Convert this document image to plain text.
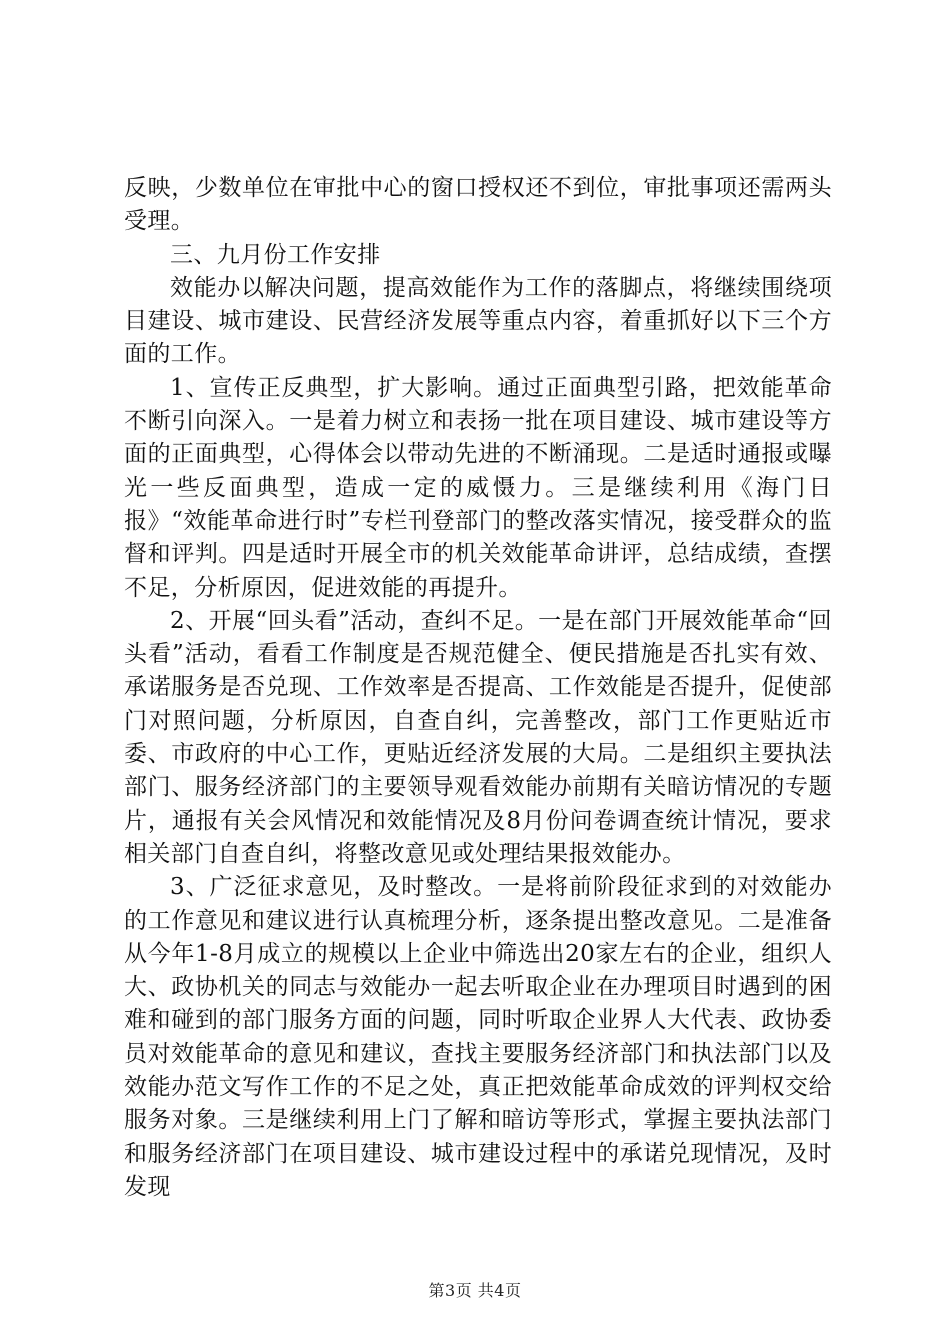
反映，少数单位在审批中心的窗口授权还不到位，审批事项还需两头受理。

三、九月份工作安排

效能办以解决问题，提高效能作为工作的落脚点，将继续围绕项目建设、城市建设、民营经济发展等重点内容，着重抓好以下三个方面的工作。

1、宣传正反典型，扩大影响。通过正面典型引路，把效能革命不断引向深入。一是着力树立和表扬一批在项目建设、城市建设等方面的正面典型，心得体会以带动先进的不断涌现。二是适时通报或曝光一些反面典型，造成一定的威慑力。三是继续利用《海门日报》“效能革命进行时”专栏刊登部门的整改落实情况，接受群众的监督和评判。四是适时开展全市的机关效能革命讲评，总结成绩，查摆不足，分析原因，促进效能的再提升。

2、开展“回头看”活动，查纠不足。一是在部门开展效能革命“回头看”活动，看看工作制度是否规范健全、便民措施是否扎实有效、承诺服务是否兑现、工作效率是否提高、工作效能是否提升，促使部门对照问题，分析原因，自查自纠，完善整改，部门工作更贴近市委、市政府的中心工作，更贴近经济发展的大局。二是组织主要执法部门、服务经济部门的主要领导观看效能办前期有关暗访情况的专题片，通报有关会风情况和效能情况及8月份问卷调查统计情况，要求相关部门自查自纠，将整改意见或处理结果报效能办。

3、广泛征求意见，及时整改。一是将前阶段征求到的对效能办的工作意见和建议进行认真梳理分析，逐条提出整改意见。二是准备从今年1-8月成立的规模以上企业中筛选出20家左右的企业，组织人大、政协机关的同志与效能办一起去听取企业在办理项目时遇到的困难和碰到的部门服务方面的问题，同时听取企业界人大代表、政协委员对效能革命的意见和建议，查找主要服务经济部门和执法部门以及效能办范文写作工作的不足之处，真正把效能革命成效的评判权交给服务对象。三是继续利用上门了解和暗访等形式，掌握主要执法部门和服务经济部门在项目建设、城市建设过程中的承诺兑现情况，及时发现

第3页 共4页
